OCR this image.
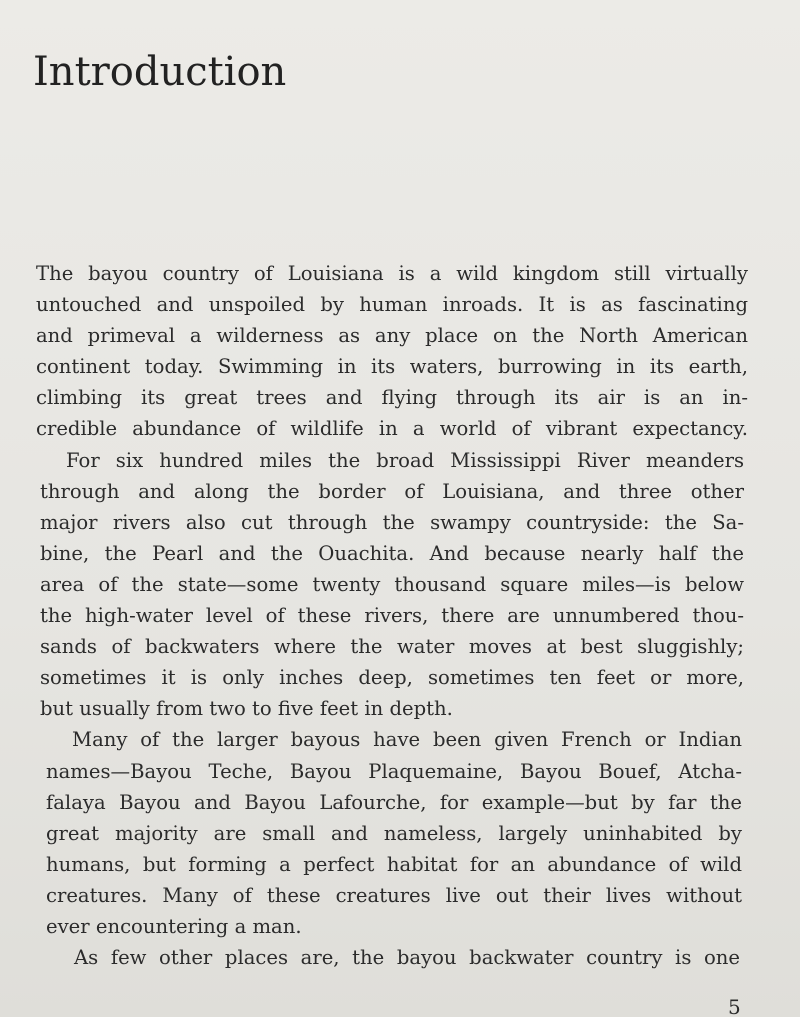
Introduction

The bayou country of Louisiana is a wild kingdom still virtually
untouched and unspoiled by human inroads. It is as fascinating
and primeval a wilderness as any place on the North American
continent today. Swimming in its waters, burrowing in its earth,
climbing its great trees and flying through its air is an in-
credible abundance of wildlife in a world of vibrant expectancy.

For six hundred miles the broad Mississippi River meanders
through and along the border of Louisiana, and three other
major rivers also cut through the swampy countryside: the Sa-
bine, the Pearl and the Ouachita. And because nearly half the
area of the state—some twenty thousand square miles—is below
the high-water level of these rivers, there are unnumbered thou-
sands of backwaters where the water moves at best sluggishly;
sometimes it is only inches deep, sometimes ten feet or more,
but usually from two to five feet in depth.

Many of the larger bayous have been given French or Indian
names—Bayou Teche, Bayou Plaquemaine, Bayou Bouef, Atcha-
falaya Bayou and Bayou Lafourche, for example—but by far the
great majority are small and nameless, largely uninhabited by
humans, but forming a perfect habitat for an abundance of wild
creatures. Many of these creatures live out their lives without
ever encountering a man.

As few other places are, the bayou backwater country is one

5
